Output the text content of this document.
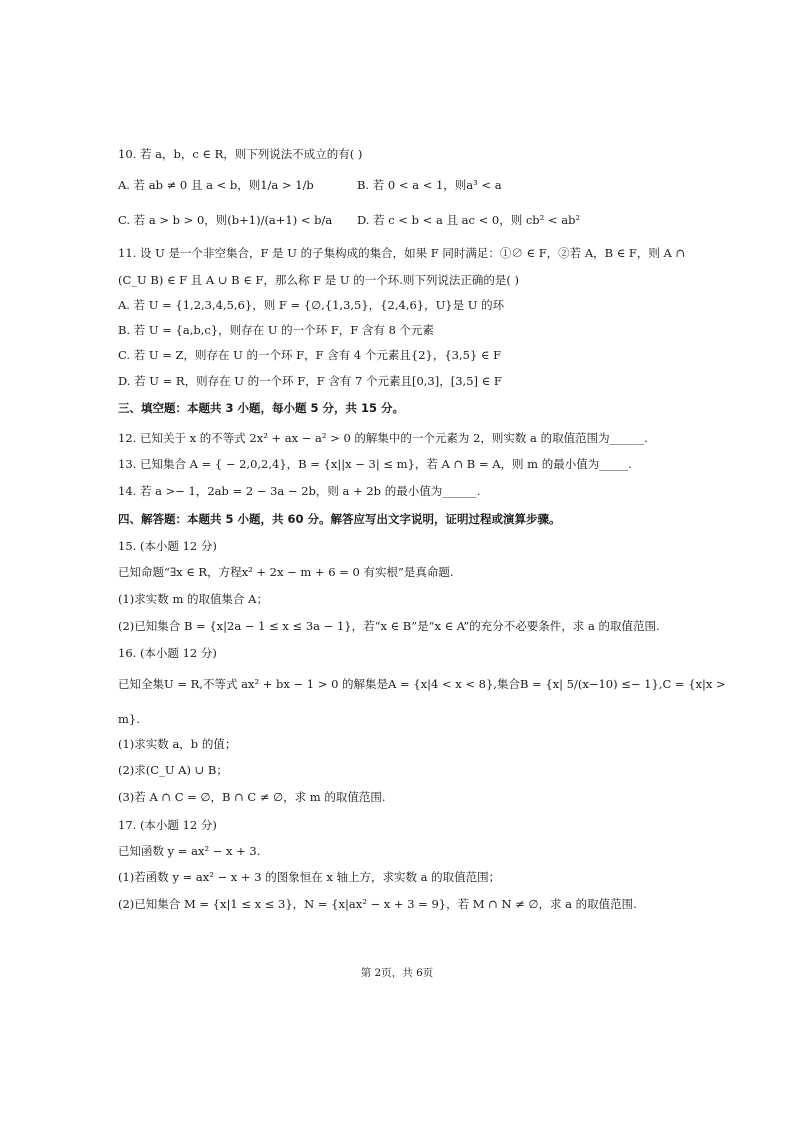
10. 若 a，b，c ∈ R，则下列说法不成立的有( )
A. 若 ab ≠ 0 且 a < b，则1/a > 1/b	B. 若 0 < a < 1，则a³ < a
C. 若 a > b > 0，则(b+1)/(a+1) < b/a D. 若 c < b < a 且 ac < 0，则 cb² < ab²
11. 设 U 是一个非空集合，F 是 U 的子集构成的集合，如果 F 同时满足：①∅ ∈ F，②若 A，B ∈ F，则 A ∩
(C_U B) ∈ F 且 A ∪ B ∈ F，那么称 F 是 U 的一个环.则下列说法正确的是( )
A. 若 U = {1,2,3,4,5,6}，则 F = {∅,{1,3,5}，{2,4,6}，U}是 U 的环
B. 若 U = {a,b,c}，则存在 U 的一个环 F，F 含有 8 个元素
C. 若 U = Z，则存在 U 的一个环 F，F 含有 4 个元素且{2}，{3,5} ∈ F
D. 若 U = R，则存在 U 的一个环 F，F 含有 7 个元素且[0,3]，[3,5] ∈ F
三、填空题：本题共 3 小题，每小题 5 分，共 15 分。
12. 已知关于 x 的不等式 2x² + ax − a² > 0 的解集中的一个元素为 2，则实数 a 的取值范围为______.
13. 已知集合 A = { − 2,0,2,4}，B = {x||x − 3| ≤ m}，若 A ∩ B = A，则 m 的最小值为_____.
14. 若 a >− 1，2ab = 2 − 3a − 2b，则 a + 2b 的最小值为______.
四、解答题：本题共 5 小题，共 60 分。解答应写出文字说明，证明过程或演算步骤。
15. (本小题 12 分)
已知命题“∃x ∈ R，方程x² + 2x − m + 6 = 0 有实根”是真命题.
(1)求实数 m 的取值集合 A；
(2)已知集合 B = {x|2a − 1 ≤ x ≤ 3a − 1}，若“x ∈ B”是“x ∈ A”的充分不必要条件，求 a 的取值范围.
16. (本小题 12 分)
已知全集U = R,不等式 ax² + bx − 1 > 0 的解集是A = {x|4 < x < 8},集合B = {x| 5/(x−10) ≤− 1},C = {x|x >
m}.
(1)求实数 a，b 的值；
(2)求(C_U A) ∪ B；
(3)若 A ∩ C = ∅，B ∩ C ≠ ∅，求 m 的取值范围.
17. (本小题 12 分)
已知函数 y = ax² − x + 3.
(1)若函数 y = ax² − x + 3 的图象恒在 x 轴上方，求实数 a 的取值范围；
(2)已知集合 M = {x|1 ≤ x ≤ 3}，N = {x|ax² − x + 3 = 9}，若 M ∩ N ≠ ∅，求 a 的取值范围.
第 2页，共 6页
